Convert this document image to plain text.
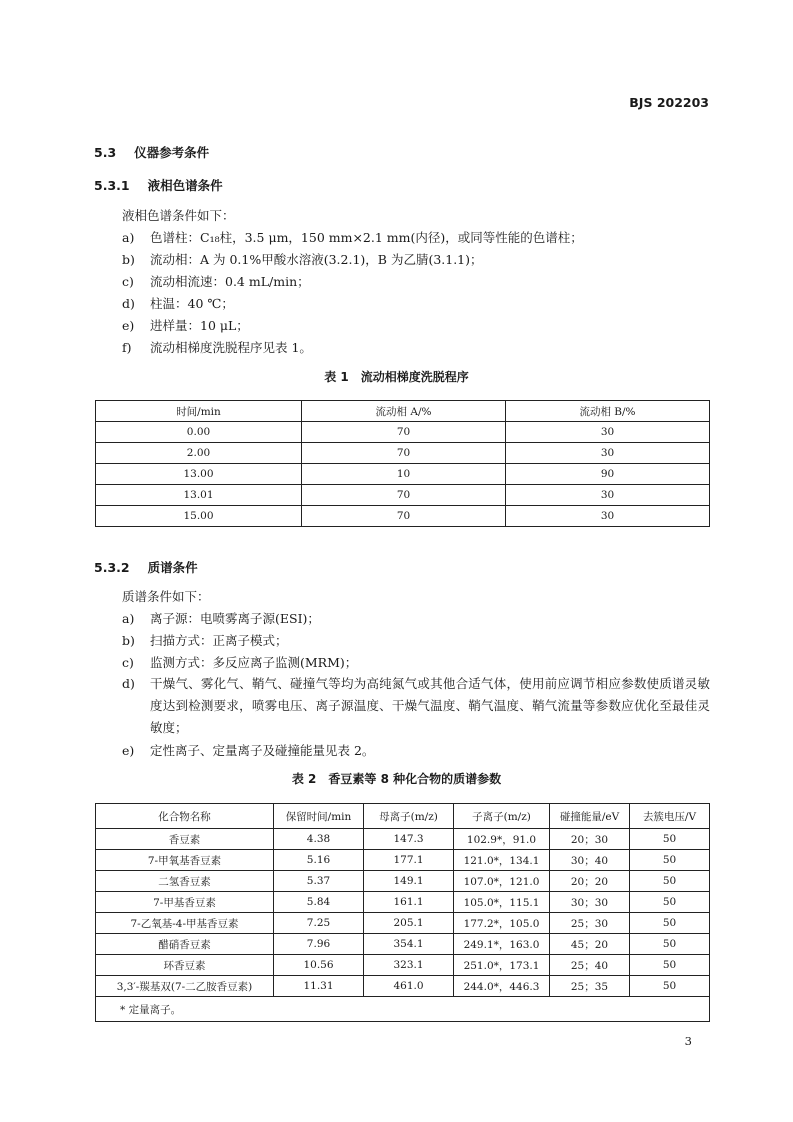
BJS 202203
5.3 仪器参考条件
5.3.1 液相色谱条件
液相色谱条件如下：
a) 色谱柱：C₁₈柱，3.5 μm，150 mm×2.1 mm(内径)，或同等性能的色谱柱；
b) 流动相：A 为 0.1%甲酸水溶液(3.2.1)，B 为乙腈(3.1.1)；
c) 流动相流速：0.4 mL/min；
d) 柱温：40 ℃；
e) 进样量：10 μL；
f) 流动相梯度洗脱程序见表 1。
表 1　流动相梯度洗脱程序
时间/min	流动相 A/%	流动相 B/%
0.00	70	30
2.00	70	30
13.00	10	90
13.01	70	30
15.00	70	30
5.3.2 质谱条件
质谱条件如下：
a) 离子源：电喷雾离子源(ESI)；
b) 扫描方式：正离子模式；
c) 监测方式：多反应离子监测(MRM)；
d)	干燥气、雾化气、鞘气、碰撞气等均为高纯氮气或其他合适气体，使用前应调节相应参数使质谱灵敏度达到检测要求，喷雾电压、离子源温度、干燥气温度、鞘气温度、鞘气流量等参数应优化至最佳灵敏度；
e) 定性离子、定量离子及碰撞能量见表 2。
表 2　香豆素等 8 种化合物的质谱参数
化合物名称	保留时间/min	母离子(m/z)	子离子(m/z)	碰撞能量/eV	去簇电压/V
香豆素	4.38	147.3	102.9*，91.0	20；30	50
7-甲氧基香豆素	5.16	177.1	121.0*，134.1	30；40	50
二氢香豆素	5.37	149.1	107.0*，121.0	20；20	50
7-甲基香豆素	5.84	161.1	105.0*，115.1	30；30	50
7-乙氧基-4-甲基香豆素	7.25	205.1	177.2*，105.0	25；30	50
醋硝香豆素	7.96	354.1	249.1*，163.0	45；20	50
环香豆素	10.56	323.1	251.0*，173.1	25；40	50
3,3′-羰基双(7-二乙胺香豆素)	11.31	461.0	244.0*，446.3	25；35	50
* 定量离子。					
3
